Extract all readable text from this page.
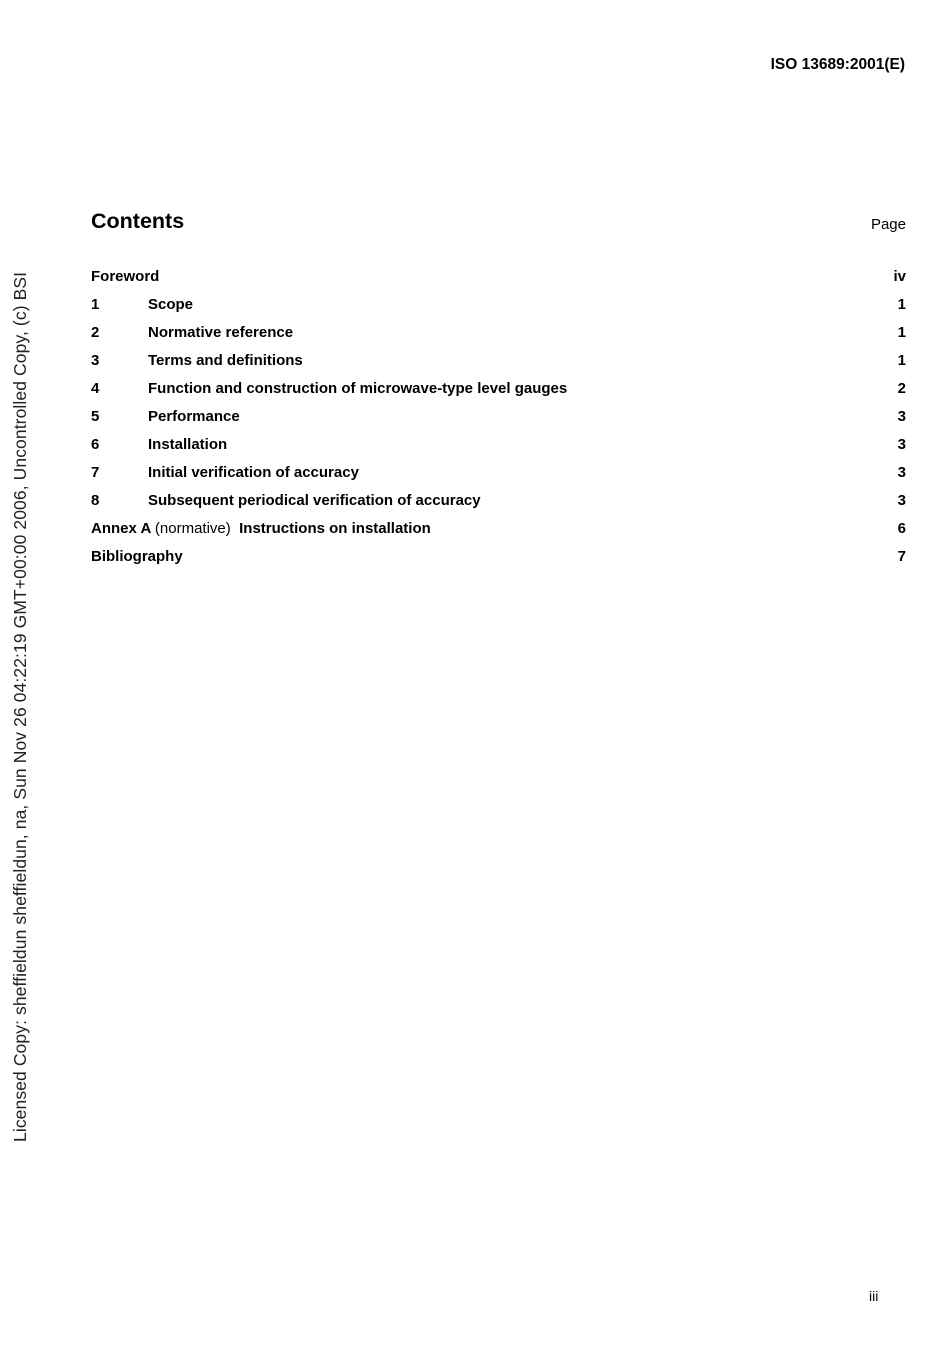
ISO 13689:2001(E)
Licensed Copy: sheffieldun sheffieldun, na, Sun Nov 26 04:22:19 GMT+00:00 2006, Uncontrolled Copy, (c) BSI
Contents	Page
Foreword	iv
1	Scope	1
2	Normative reference	1
3	Terms and definitions	1
4	Function and construction of microwave-type level gauges	2
5	Performance	3
6	Installation	3
7	Initial verification of accuracy	3
8	Subsequent periodical verification of accuracy	3
Annex A (normative) Instructions on installation	6
Bibliography	7
iii
